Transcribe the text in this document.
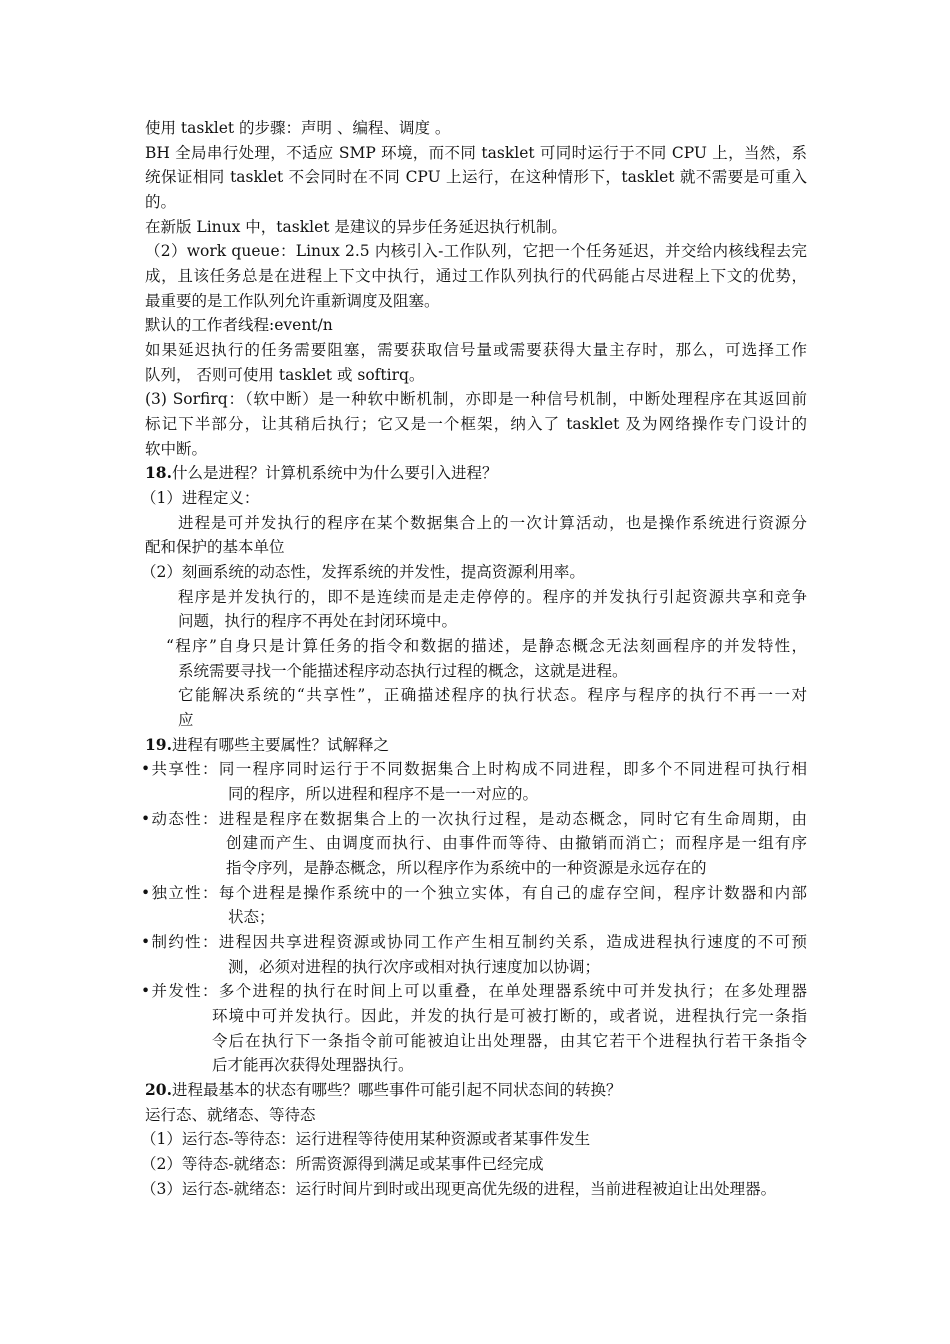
使用 tasklet 的步骤：声明 、编程、调度 。
BH 全局串行处理，不适应 SMP 环境，而不同 tasklet 可同时运行于不同 CPU 上，当然，系
统保证相同 tasklet 不会同时在不同 CPU 上运行，在这种情形下，tasklet 就不需要是可重入
的。
在新版 Linux 中，tasklet 是建议的异步任务延迟执行机制。
（2）work queue：Linux 2.5 内核引入-工作队列，它把一个任务延迟，并交给内核线程去完
成，且该任务总是在进程上下文中执行，通过工作队列执行的代码能占尽进程上下文的优势，
最重要的是工作队列允许重新调度及阻塞。
默认的工作者线程:event/n
如果延迟执行的任务需要阻塞，需要获取信号量或需要获得大量主存时，那么，可选择工作
队列， 否则可使用 tasklet 或 softirq。
(3) Sorfirq：（软中断）是一种软中断机制，亦即是一种信号机制，中断处理程序在其返回前
标记下半部分，让其稍后执行；它又是一个框架，纳入了 tasklet 及为网络操作专门设计的
软中断。
18.什么是进程？计算机系统中为什么要引入进程？
（1）进程定义：
进程是可并发执行的程序在某个数据集合上的一次计算活动，也是操作系统进行资源分
配和保护的基本单位
（2）刻画系统的动态性，发挥系统的并发性，提高资源利用率。
程序是并发执行的，即不是连续而是走走停停的。程序的并发执行引起资源共享和竞争
问题，执行的程序不再处在封闭环境中。
“程序”自身只是计算任务的指令和数据的描述，是静态概念无法刻画程序的并发特性，
系统需要寻找一个能描述程序动态执行过程的概念，这就是进程。
它能解决系统的“共享性”，正确描述程序的执行状态。程序与程序的执行不再一一对
应
19.进程有哪些主要属性？试解释之
•共享性：同一程序同时运行于不同数据集合上时构成不同进程，即多个不同进程可执行相
同的程序，所以进程和程序不是一一对应的。
•动态性：进程是程序在数据集合上的一次执行过程，是动态概念，同时它有生命周期，由
创建而产生、由调度而执行、由事件而等待、由撤销而消亡；而程序是一组有序
指令序列，是静态概念，所以程序作为系统中的一种资源是永远存在的
•独立性：每个进程是操作系统中的一个独立实体，有自己的虚存空间，程序计数器和内部
状态；
•制约性：进程因共享进程资源或协同工作产生相互制约关系，造成进程执行速度的不可预
测，必须对进程的执行次序或相对执行速度加以协调；
•并发性：多个进程的执行在时间上可以重叠，在单处理器系统中可并发执行；在多处理器
环境中可并发执行。因此，并发的执行是可被打断的，或者说，进程执行完一条指
令后在执行下一条指令前可能被迫让出处理器，由其它若干个进程执行若干条指令
后才能再次获得处理器执行。
20.进程最基本的状态有哪些？哪些事件可能引起不同状态间的转换？
运行态、就绪态、等待态
（1）运行态-等待态：运行进程等待使用某种资源或者某事件发生
（2）等待态-就绪态：所需资源得到满足或某事件已经完成
（3）运行态-就绪态：运行时间片到时或出现更高优先级的进程，当前进程被迫让出处理器。
